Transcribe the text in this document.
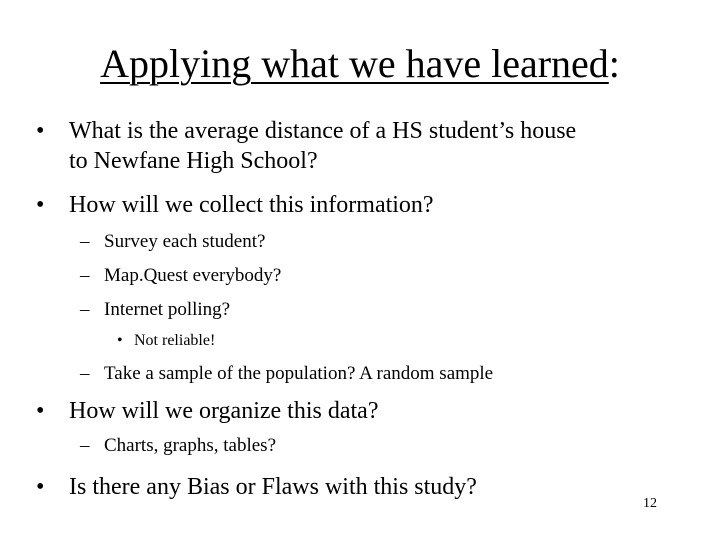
Applying what we have learned:
• What is the average distance of a HS student’s house
to Newfane High School?
• How will we collect this information?
– Survey each student?
– Map.Quest everybody?
– Internet polling?
• Not reliable!
– Take a sample of the population? A random sample
• How will we organize this data?
– Charts, graphs, tables?
• Is there any Bias or Flaws with this study?
12
